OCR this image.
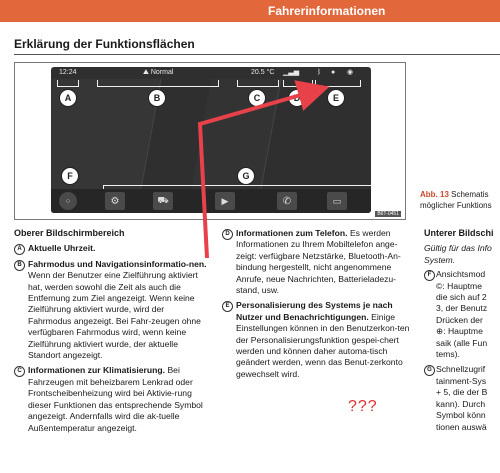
Fahrerinformationen
Erklärung der Funktionsflächen
12:24	⛰ Normal	20.5 °C ▁▃▅	ᛒ ● ◉
A	B	C	D	E
F	G
⁘	⚙	⛟	▶	✆	▭
B6T-0451
Abb. 13 Schematis
möglicher Funktions
Oberer Bildschirmbereich
A Aktuelle Uhrzeit.
B Fahrmodus und Navigationsinformatio-nen. Wenn der Benutzer eine Zielführung aktiviert hat, werden sowohl die Zeit als auch die Entfernung zum Ziel angezeigt. Wenn keine Zielführung aktiviert wurde, wird der Fahrmodus angezeigt. Bei Fahr-zeugen ohne verfügbaren Fahrmodus wird, wenn keine Zielführung aktiviert wurde, der aktuelle Standort angezeigt.
C Informationen zur Klimatisierung. Bei Fahrzeugen mit beheizbarem Lenkrad oder Frontscheibenheizung wird bei Aktivie-rung dieser Funktionen das entsprechende Symbol angezeigt. Andernfalls wird die ak-tuelle Außentemperatur angezeigt.
D Informationen zum Telefon. Es werden Informationen zu Ihrem Mobiltelefon ange-zeigt: verfügbare Netzstärke, Bluetooth-An-bindung hergestellt, nicht angenommene Anrufe, neue Nachrichten, Batterieladezu-stand, usw.
E Personalisierung des Systems je nach Nutzer und Benachrichtigungen. Einige Einstellungen können in den Benutzerkon-ten der Personalisierungsfunktion gespei-chert werden und können daher automa-tisch geändert werden, wenn das Benut-zerkonto gewechselt wird.
???
Unterer Bildschi
Gültig für das Info System.
F Ansichtsmod
©: Hauptme
die sich auf 2
3, der Benutz
Drücken der
⊕: Hauptme
saik (alle Fun
tems).
G Schnellzugrif
tainment-Sys
+ 5, die der B
kann). Durch
Symbol könn
tionen auswä
